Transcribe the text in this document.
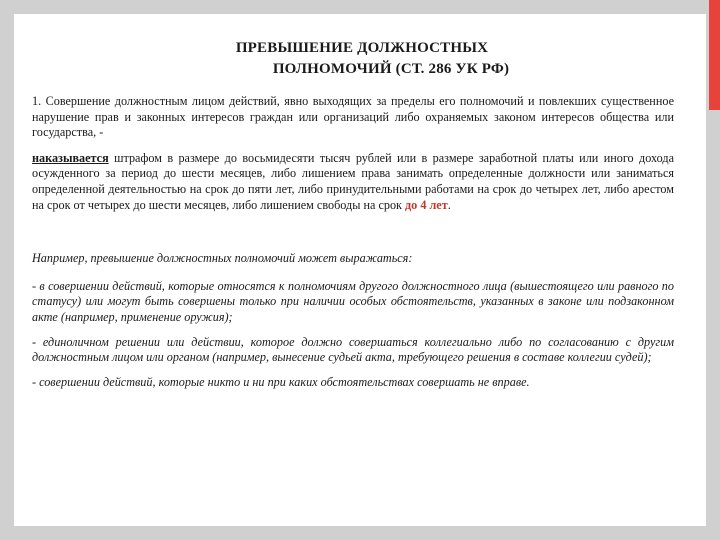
ПРЕВЫШЕНИЕ ДОЛЖНОСТНЫХ
ПОЛНОМОЧИЙ (СТ. 286 УК РФ)

1. Совершение должностным лицом действий, явно выходящих за пределы его полномочий и повлекших существенное нарушение прав и законных интересов граждан или организаций либо охраняемых законом интересов общества или государства, -

наказывается штрафом в размере до восьмидесяти тысяч рублей или в размере заработной платы или иного дохода осужденного за период до шести месяцев, либо лишением права занимать определенные должности или заниматься определенной деятельностью на срок до пяти лет, либо принудительными работами на срок до четырех лет, либо арестом на срок от четырех до шести месяцев, либо лишением свободы на срок до 4 лет.

Например, превышение должностных полномочий может выражаться:

- в совершении действий, которые относятся к полномочиям другого должностного лица (вышестоящего или равного по статусу) или могут быть совершены только при наличии особых обстоятельств, указанных в законе или подзаконном акте (например, применение оружия);

- единоличном решении или действии, которое должно совершаться коллегиально либо по согласованию с другим должностным лицом или органом (например, вынесение судьей акта, требующего решения в составе коллегии судей);

- совершении действий, которые никто и ни при каких обстоятельствах совершать не вправе.
